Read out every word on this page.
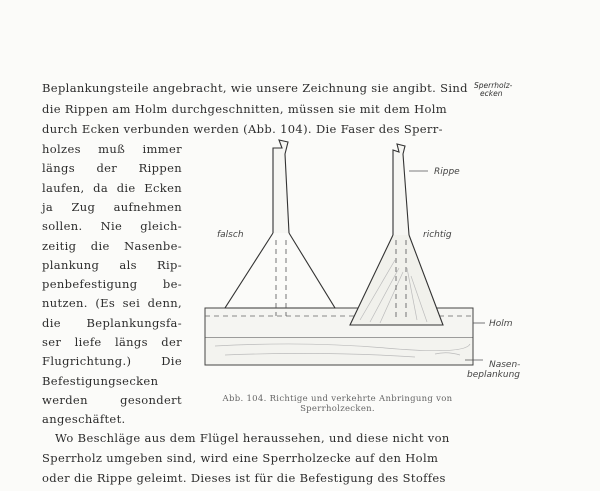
Beplankungsteile angebracht, wie unsere Zeichnung sie angibt. Sind
die Rippen am Holm durchgeschnitten, müssen sie mit dem Holm
durch Ecken verbunden werden (Abb. 104). Die Faser des Sperr-
Sperrholz-
ecken
holzes muß immer
längs der Rippen
laufen, da die Ecken
ja Zug aufnehmen
sollen. Nie gleich-
zeitig die Nasenbe-
plankung als Rip-
penbefestigung be-
nutzen. (Es sei denn,
die Beplankungsfa-
ser liefe längs der
Flugrichtung.)	Die
Befestigungsecken
werden	gesondert
angeschäftet.
falsch	richtig
Rippe
Holm
Nasen-beplankung
Abb. 104. Richtige und verkehrte Anbringung von
Sperrholzecken.
Wo Beschläge aus dem Flügel heraussehen, und diese nicht von
Sperrholz umgeben sind, wird eine Sperrholzecke auf den Holm
oder die Rippe geleimt. Dieses ist für die Befestigung des Stoffes
